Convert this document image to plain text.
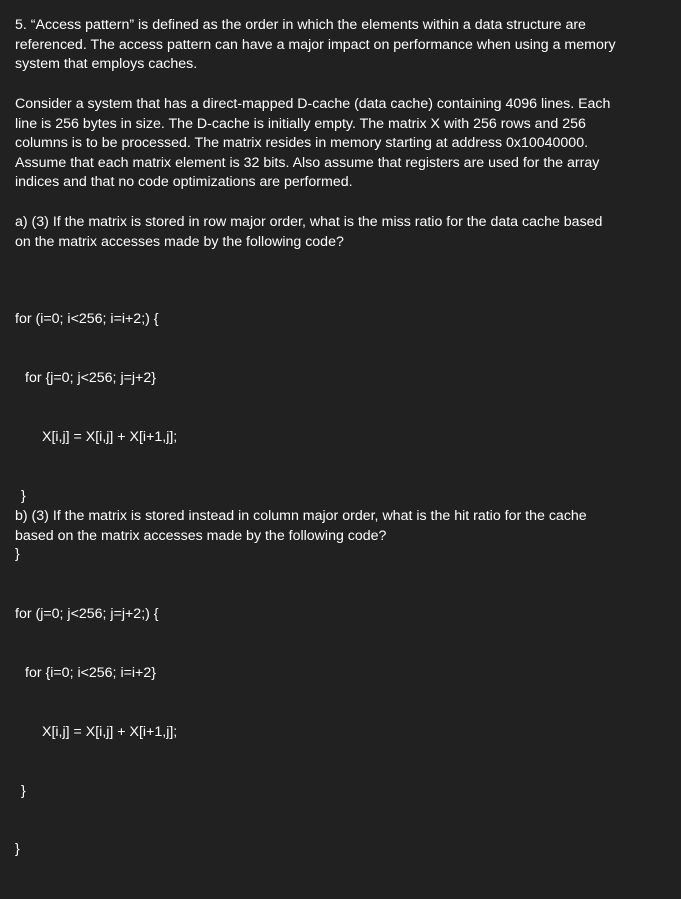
5. “Access pattern” is defined as the order in which the elements within a data structure are
referenced. The access pattern can have a major impact on performance when using a memory
system that employs caches.
Consider a system that has a direct-mapped D-cache (data cache) containing 4096 lines. Each
line is 256 bytes in size. The D-cache is initially empty. The matrix X with 256 rows and 256
columns is to be processed. The matrix resides in memory starting at address 0x10040000.
Assume that each matrix element is 32 bits. Also assume that registers are used for the array
indices and that no code optimizations are performed.
a) (3) If the matrix is stored in row major order, what is the miss ratio for the data cache based
on the matrix accesses made by the following code?

for (i=0; i<256; i=i+2;) {

for {j=0; j<256; j=j+2}

X[i,j] = X[i,j] + X[i+1,j];

}

}

b) (3) If the matrix is stored instead in column major order, what is the hit ratio for the cache
based on the matrix accesses made by the following code?

for (j=0; j<256; j=j+2;) {

for {i=0; i<256; i=i+2}

X[i,j] = X[i,j] + X[i+1,j];

}

}
